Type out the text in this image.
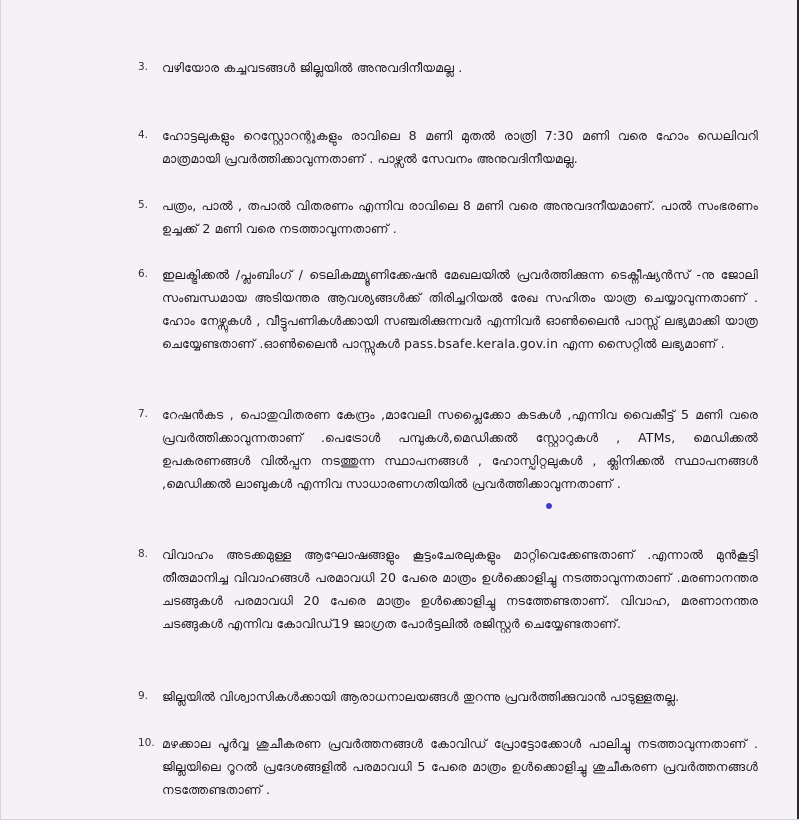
3. വഴിയോര കച്ചവടങ്ങൾ ജില്ലയിൽ അനുവദിനീയമല്ല .
4. ഹോട്ടലുകളും റെസ്റ്റോറന്റുകളും രാവിലെ 8 മണി മുതൽ രാത്രി 7:30 മണി വരെ ഹോം ഡെലിവറി മാത്രമായി പ്രവർത്തിക്കാവുന്നതാണ് . പാഴ്സൽ സേവനം അനുവദിനീയമല്ല.
5. പത്രം, പാൽ , തപാൽ വിതരണം എന്നിവ രാവിലെ 8 മണി വരെ അനുവദനീയമാണ്. പാൽ സംഭരണം ഉച്ചക്ക് 2 മണി വരെ നടത്താവുന്നതാണ് .
6. ഇലക്ട്രിക്കൽ /പ്ലംബിംഗ് / ടെലികമ്മ്യൂണിക്കേഷൻ മേഖലയിൽ പ്രവർത്തിക്കുന്ന ടെക്നീഷ്യൻസ് -നു ജോലി സംബന്ധമായ അടിയന്തര ആവശ്യങ്ങൾക്ക് തിരിച്ചറിയൽ രേഖ സഹിതം യാത്ര ചെയ്യാവുന്നതാണ് . ഹോം നേഴ്സുകൾ , വീട്ടുപണികൾക്കായി സഞ്ചരിക്കുന്നവർ എന്നിവർ ഓൺലൈൻ പാസ്സ് ലഭ്യമാക്കി യാത്ര ചെയ്യേണ്ടതാണ് .ഓൺലൈൻ പാസ്സുകൾ pass.bsafe.kerala.gov.in എന്ന സൈറ്റിൽ ലഭ്യമാണ് .
7. റേഷൻകട , പൊതുവിതരണ കേന്ദ്രം ,മാവേലി സപ്ലൈക്കോ കടകൾ ,എന്നിവ വൈകീട്ട് 5 മണി വരെ പ്രവർത്തിക്കാവുന്നതാണ് .പെട്രോൾ പമ്പുകൾ,മെഡിക്കൽ സ്റ്റോറുകൾ , ATMs, മെഡിക്കൽ ഉപകരണങ്ങൾ വിൽപ്പന നടത്തുന്ന സ്ഥാപനങ്ങൾ , ഹോസ്പിറ്റലുകൾ , ക്ലിനിക്കൽ സ്ഥാപനങ്ങൾ ,മെഡിക്കൽ ലാബുകൾ എന്നിവ സാധാരണഗതിയിൽ പ്രവർത്തിക്കാവുന്നതാണ് .
8. വിവാഹം അടക്കമുള്ള ആഘോഷങ്ങളും കൂട്ടംചേരലുകളും മാറ്റിവെക്കേണ്ടതാണ് .എന്നാൽ മുൻകൂട്ടി തീരുമാനിച്ച വിവാഹങ്ങൾ പരമാവധി 20 പേരെ മാത്രം ഉൾക്കൊളിച്ചു നടത്താവുന്നതാണ് .മരണാനന്തര ചടങ്ങുകൾ പരമാവധി 20 പേരെ മാത്രം ഉൾക്കൊളിച്ചു നടത്തേണ്ടതാണ്. വിവാഹ, മരണാനന്തര ചടങ്ങുകൾ എന്നിവ കോവിഡ്19 ജാഗ്രത പോർട്ടലിൽ രജിസ്റ്റർ ചെയ്യേണ്ടതാണ്.
9. ജില്ലയിൽ വിശ്വാസികൾക്കായി ആരാധനാലയങ്ങൾ തുറന്നു പ്രവർത്തിക്കുവാൻ പാടുള്ളതല്ല.
10. മഴക്കാല പൂർവ്വ ശുചീകരണ പ്രവർത്തനങ്ങൾ കോവിഡ് പ്രോട്ടോക്കോൾ പാലിച്ചു നടത്താവുന്നതാണ് . ജില്ലയിലെ റൂറൽ പ്രദേശങ്ങളിൽ പരമാവധി 5 പേരെ മാത്രം ഉൾക്കൊളിച്ചു ശുചീകരണ പ്രവർത്തനങ്ങൾ നടത്തേണ്ടതാണ് .
